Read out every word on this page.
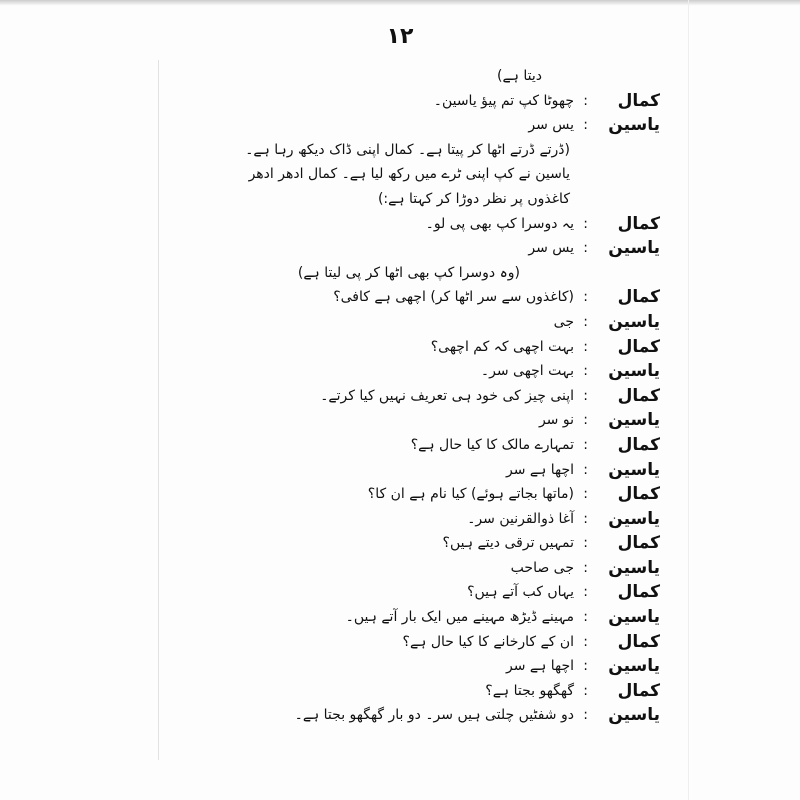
۱۲
دیتا ہے)
کمال
:
چھوٹا کپ تم پیؤ یاسین۔
یاسین
:
یس سر
(ڈرتے ڈرتے اٹھا کر پیتا ہے۔ کمال اپنی ڈاک دیکھ رہا ہے۔
یاسین نے کپ اپنی ٹرے میں رکھ لیا ہے۔ کمال ادھر ادھر
کاغذوں پر نظر دوڑا کر کہتا ہے:)
کمال
:
یہ دوسرا کپ بھی پی لو۔
یاسین
:
یس سر
(وہ دوسرا کپ بھی اٹھا کر پی لیتا ہے)
کمال
:
(کاغذوں سے سر اٹھا کر) اچھی ہے کافی؟
یاسین
:
جی
کمال
:
بہت اچھی کہ کم اچھی؟
یاسین
:
بہت اچھی سر۔
کمال
:
اپنی چیز کی خود ہی تعریف نہیں کیا کرتے۔
یاسین
:
نو سر
کمال
:
تمہارے مالک کا کیا حال ہے؟
یاسین
:
اچھا ہے سر
کمال
:
(ماتھا بجاتے ہوئے) کیا نام ہے ان کا؟
یاسین
:
آغا ذوالقرنین سر۔
کمال
:
تمہیں ترقی دیتے ہیں؟
یاسین
:
جی صاحب
کمال
:
یہاں کب آتے ہیں؟
یاسین
:
مہینے ڈیڑھ مہینے میں ایک بار آتے ہیں۔
کمال
:
ان کے کارخانے کا کیا حال ہے؟
یاسین
:
اچھا ہے سر
کمال
:
گھگھو بجتا ہے؟
یاسین
:
دو شفٹیں چلتی ہیں سر۔ دو بار گھگھو بجتا ہے۔
